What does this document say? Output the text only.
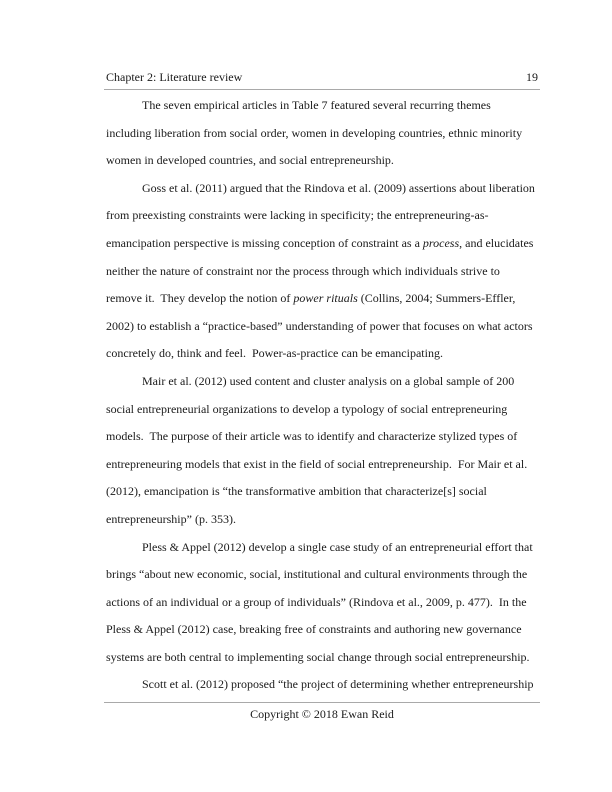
Chapter 2: Literature review	19

The seven empirical articles in Table 7 featured several recurring themes including liberation from social order, women in developing countries, ethnic minority women in developed countries, and social entrepreneurship.

Goss et al. (2011) argued that the Rindova et al. (2009) assertions about liberation from preexisting constraints were lacking in specificity; the entrepreneuring-as-emancipation perspective is missing conception of constraint as a process, and elucidates neither the nature of constraint nor the process through which individuals strive to remove it.  They develop the notion of power rituals (Collins, 2004; Summers-Effler, 2002) to establish a “practice-based” understanding of power that focuses on what actors concretely do, think and feel.  Power-as-practice can be emancipating.

Mair et al. (2012) used content and cluster analysis on a global sample of 200 social entrepreneurial organizations to develop a typology of social entrepreneuring models.  The purpose of their article was to identify and characterize stylized types of entrepreneuring models that exist in the field of social entrepreneurship.  For Mair et al. (2012), emancipation is “the transformative ambition that characterize[s] social entrepreneurship” (p. 353).

Pless & Appel (2012) develop a single case study of an entrepreneurial effort that brings “about new economic, social, institutional and cultural environments through the actions of an individual or a group of individuals” (Rindova et al., 2009, p. 477).  In the Pless & Appel (2012) case, breaking free of constraints and authoring new governance systems are both central to implementing social change through social entrepreneurship.

Scott et al. (2012) proposed “the project of determining whether entrepreneurship

Copyright © 2018 Ewan Reid
